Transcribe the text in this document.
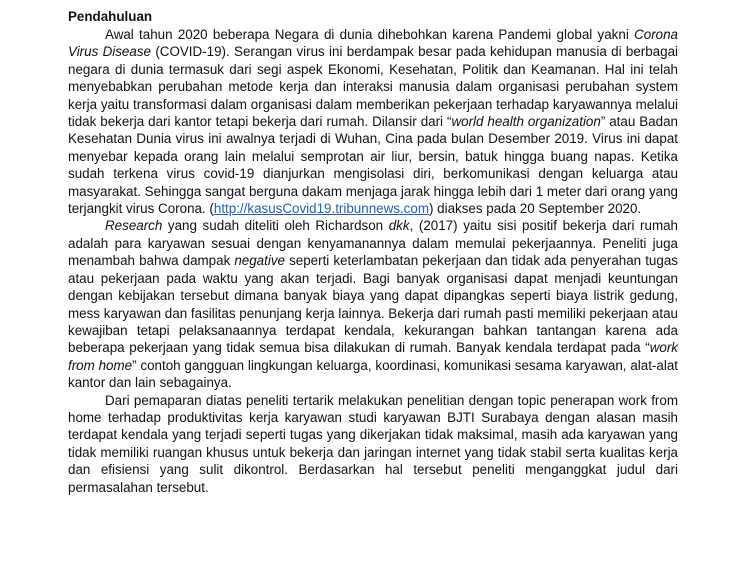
Pendahuluan

Awal tahun 2020 beberapa Negara di dunia dihebohkan karena Pandemi global yakni Corona Virus Disease (COVID-19). Serangan virus ini berdampak besar pada kehidupan manusia di berbagai negara di dunia termasuk dari segi aspek Ekonomi, Kesehatan, Politik dan Keamanan. Hal ini telah menyebabkan perubahan metode kerja dan interaksi manusia dalam organisasi perubahan system kerja yaitu transformasi dalam organisasi dalam memberikan pekerjaan terhadap karyawannya melalui tidak bekerja dari kantor tetapi bekerja dari rumah. Dilansir dari “world health organization” atau Badan Kesehatan Dunia virus ini awalnya terjadi di Wuhan, Cina pada bulan Desember 2019. Virus ini dapat menyebar kepada orang lain melalui semprotan air liur, bersin, batuk hingga buang napas. Ketika sudah terkena virus covid-19 dianjurkan mengisolasi diri, berkomunikasi dengan keluarga atau masyarakat. Sehingga sangat berguna dakam menjaga jarak hingga lebih dari 1 meter dari orang yang terjangkit virus Corona. (http://kasusCovid19.tribunnews.com) diakses pada 20 September 2020.

Research yang sudah diteliti oleh Richardson dkk, (2017) yaitu sisi positif bekerja dari rumah adalah para karyawan sesuai dengan kenyamanannya dalam memulai pekerjaannya. Peneliti juga menambah bahwa dampak negative seperti keterlambatan pekerjaan dan tidak ada penyerahan tugas atau pekerjaan pada waktu yang akan terjadi. Bagi banyak organisasi dapat menjadi keuntungan dengan kebijakan tersebut dimana banyak biaya yang dapat dipangkas seperti biaya listrik gedung, mess karyawan dan fasilitas penunjang kerja lainnya. Bekerja dari rumah pasti memiliki pekerjaan atau kewajiban tetapi pelaksanaannya terdapat kendala, kekurangan bahkan tantangan karena ada beberapa pekerjaan yang tidak semua bisa dilakukan di rumah. Banyak kendala terdapat pada “work from home” contoh gangguan lingkungan keluarga, koordinasi, komunikasi sesama karyawan, alat-alat kantor dan lain sebagainya.

Dari pemaparan diatas peneliti tertarik melakukan penelitian dengan topic penerapan work from home terhadap produktivitas kerja karyawan studi karyawan BJTI Surabaya dengan alasan masih terdapat kendala yang terjadi seperti tugas yang dikerjakan tidak maksimal, masih ada karyawan yang tidak memiliki ruangan khusus untuk bekerja dan jaringan internet yang tidak stabil serta kualitas kerja dan efisiensi yang sulit dikontrol. Berdasarkan hal tersebut peneliti menganggkat judul dari permasalahan tersebut.
